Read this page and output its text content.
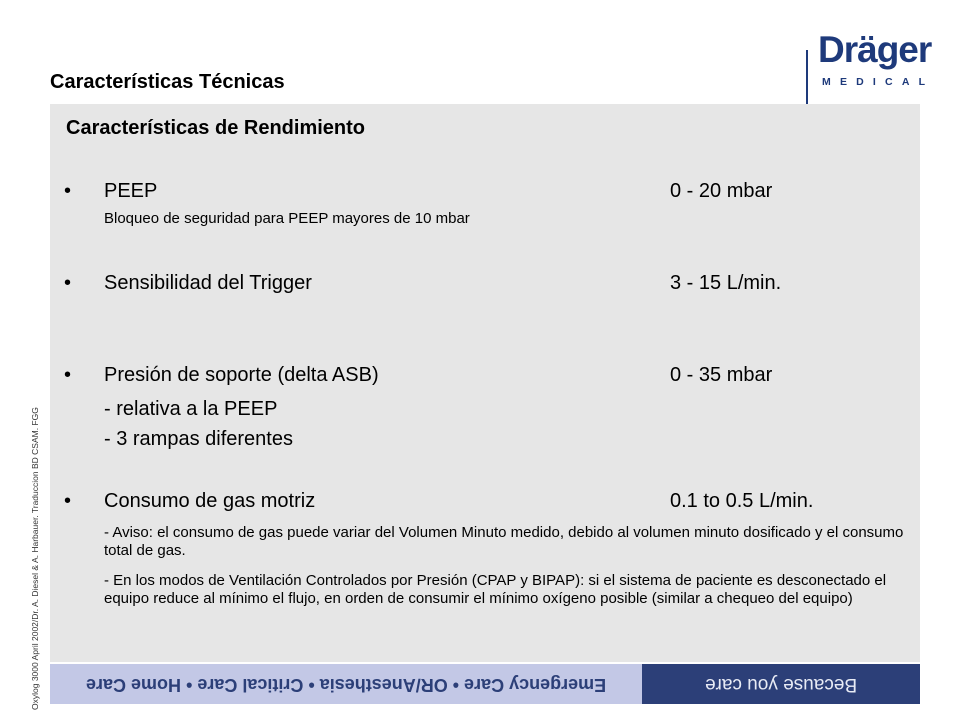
Dräger
MEDICAL
Características Técnicas
Oxylog 3000 April 2002/Dr. A. Diesel & A. Harbauer. Traduccion BD CSAM. FGG
Características de Rendimiento
• PEEP	0 - 20 mbar

Bloqueo de seguridad para PEEP mayores de 10 mbar

• Sensibilidad del Trigger	3 - 15 L/min.
• Presión de soporte (delta ASB)	0 - 35 mbar
- relativa a la PEEP
- 3 rampas diferentes
• Consumo de gas motriz	0.1 to 0.5 L/min.

- Aviso: el consumo de gas puede variar del Volumen Minuto medido, debido al volumen minuto dosificado y el consumo total de gas.

- En los modos de Ventilación Controlados por Presión (CPAP y BIPAP): si el sistema de paciente es desconectado el equipo reduce al mínimo el flujo, en orden de consumir el mínimo oxígeno posible (similar a chequeo del equipo)

Emergency Care • OR/Anesthesia • Critical Care • Home Care	Because you care
